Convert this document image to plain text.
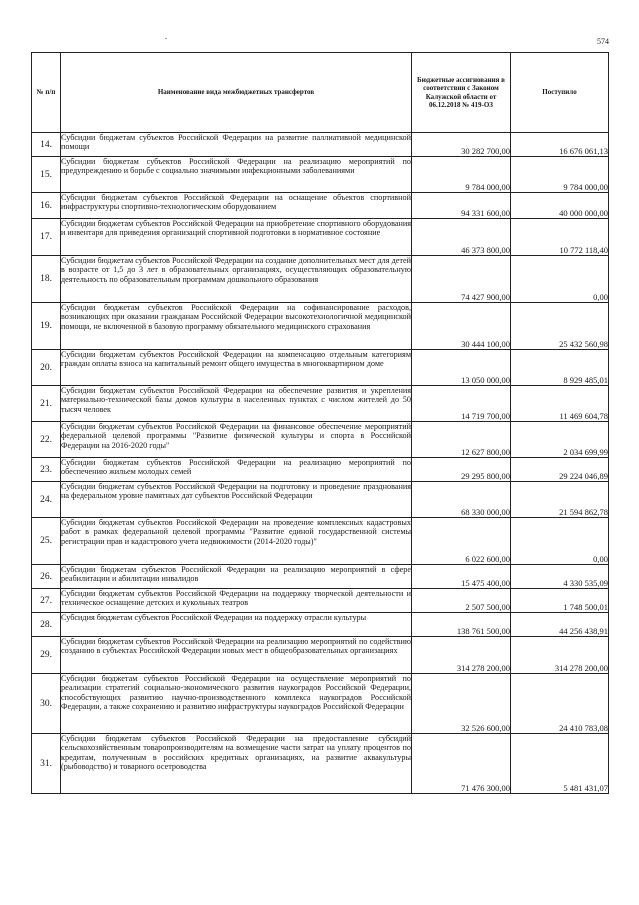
574
№ п/п	Наименование вида межбюджетных трансфертов	Бюджетные ассигнования в соответствии с Законом Калужской области от 06.12.2018 № 419-ОЗ	Поступило
14.	Субсидии бюджетам субъектов Российской Федерации на развитие паллиативной медицинской помощи	30 282 700,00	16 676 061,13
15.	Субсидии бюджетам субъектов Российской Федерации на реализацию мероприятий по предупреждению и борьбе с социально значимыми инфекционными заболеваниями	9 784 000,00	9 784 000,00
16.	Субсидии бюджетам субъектов Российской Федерации на оснащение объектов спортивной инфраструктуры спортивно-технологическим оборудованием	94 331 600,00	40 000 000,00
17.	Субсидии бюджетам субъектов Российской Федерации на приобретение спортивного оборудования и инвентаря для приведения организаций спортивной подготовки в нормативное состояние	46 373 800,00	10 772 118,40
18.	Субсидии бюджетам субъектов Российской Федерации на создание дополнительных мест для детей в возрасте от 1,5 до 3 лет в образовательных организациях, осуществляющих образовательную деятельность по образовательным программам дошкольного образования	74 427 900,00	0,00
19.	Субсидии бюджетам субъектов Российской Федерации на софинансирование расходов, возникающих при оказании гражданам Российской Федерации высокотехнологичной медицинской помощи, не включенной в базовую программу обязательного медицинского страхования	30 444 100,00	25 432 560,98
20.	Субсидии бюджетам субъектов Российской Федерации на компенсацию отдельным категориям граждан оплаты взноса на капитальный ремонт общего имущества в многоквартирном доме	13 050 000,00	8 929 485,01
21.	Субсидии бюджетам субъектов Российской Федерации на обеспечение развития и укрепления материально-технической базы домов культуры в населенных пунктах с числом жителей до 50 тысяч человек	14 719 700,00	11 469 604,78
22.	Субсидии бюджетам субъектов Российской Федерации на финансовое обеспечение мероприятий федеральной целевой программы "Развитие физической культуры и спорта в Российской Федерации на 2016-2020 годы"	12 627 800,00	2 034 699,99
23.	Субсидии бюджетам субъектов Российской Федерации на реализацию мероприятий по обеспечению жильем молодых семей	29 295 800,00	29 224 046,89
24.	Субсидии бюджетам субъектов Российской Федерации на подготовку и проведение празднования на федеральном уровне памятных дат субъектов Российской Федерации	68 330 000,00	21 594 862,78
25.	Субсидии бюджетам субъектов Российской Федерации на проведение комплексных кадастровых работ в рамках федеральной целевой программы "Развитие единой государственной системы регистрации прав и кадастрового учета недвижимости (2014-2020 годы)"	6 022 600,00	0,00
26.	Субсидии бюджетам субъектов Российской Федерации на реализацию мероприятий в сфере реабилитации и абилитации инвалидов	15 475 400,00	4 330 535,09
27.	Субсидии бюджетам субъектов Российской Федерации на поддержку творческой деятельности и техническое оснащение детских и кукольных театров	2 507 500,00	1 748 500,01
28.	Субсидия бюджетам субъектов Российской Федерации на поддержку отрасли культуры	138 761 500,00	44 256 438,91
29.	Субсидии бюджетам субъектов Российской Федерации на реализацию мероприятий по содействию созданию в субъектах Российской Федерации новых мест в общеобразовательных организациях	314 278 200,00	314 278 200,00
30.	Субсидии бюджетам субъектов Российской Федерации на осуществление мероприятий по реализации стратегий социально-экономического развития наукоградов Российской Федерации, способствующих развитию научно-производственного комплекса наукоградов Российской Федерации, а также сохранению и развитию инфраструктуры наукоградов Российской Федерации	32 526 600,00	24 410 783,08
31.	Субсидии бюджетам субъектов Российской Федерации на предоставление субсидий сельскохозяйственным товаропроизводителям на возмещение части затрат на уплату процентов по кредитам, полученным в российских кредитных организациях, на развитие аквакультуры (рыбоводство) и товарного осетроводства	71 476 300,00	5 481 431,07
